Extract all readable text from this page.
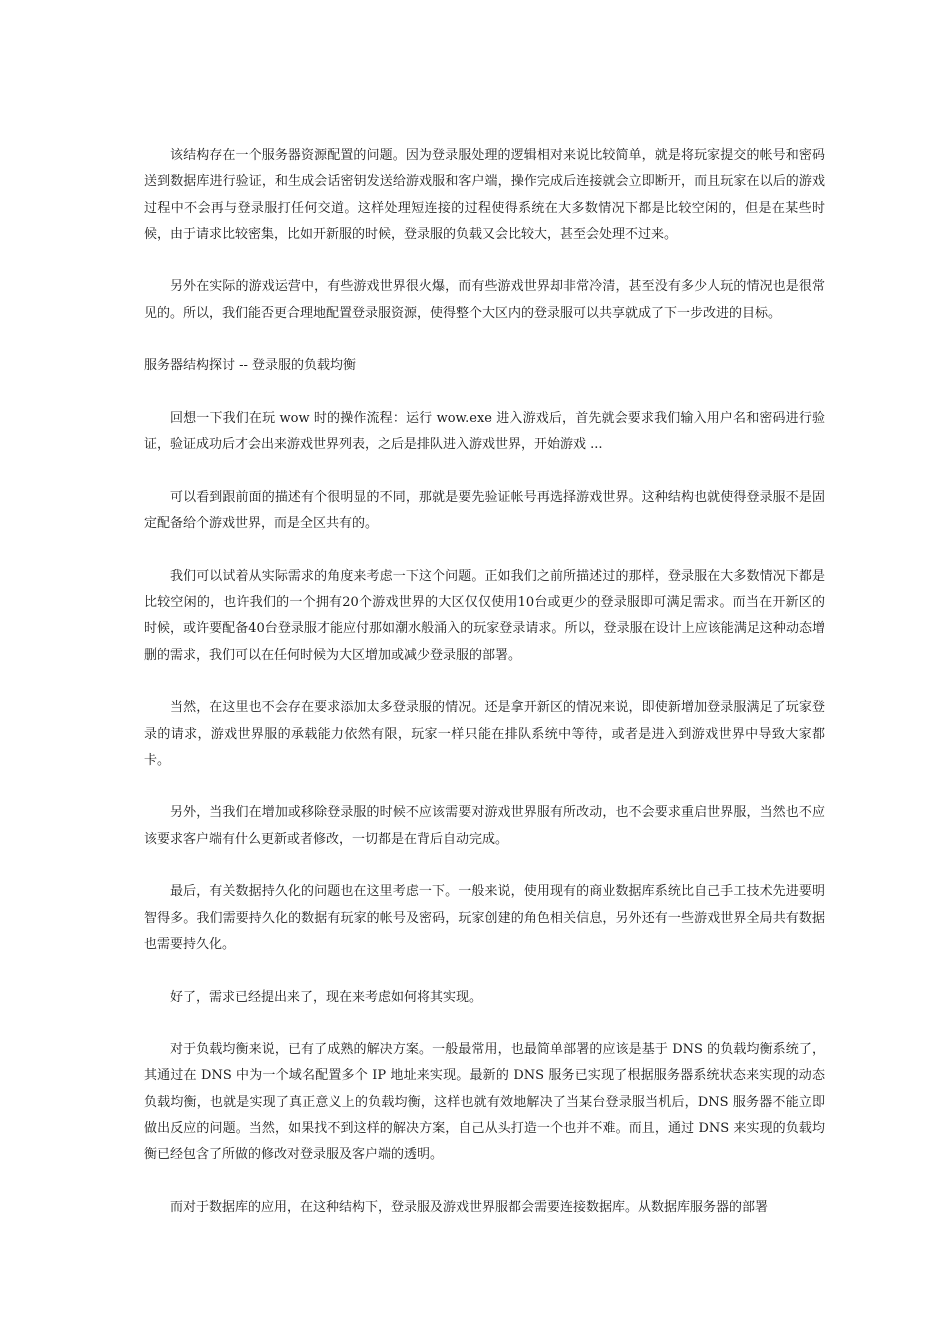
该结构存在一个服务器资源配置的问题。因为登录服处理的逻辑相对来说比较简单，就是将玩家提交的帐号和密码送到数据库进行验证，和生成会话密钥发送给游戏服和客户端，操作完成后连接就会立即断开，而且玩家在以后的游戏过程中不会再与登录服打任何交道。这样处理短连接的过程使得系统在大多数情况下都是比较空闲的，但是在某些时候，由于请求比较密集，比如开新服的时候，登录服的负载又会比较大，甚至会处理不过来。

另外在实际的游戏运营中，有些游戏世界很火爆，而有些游戏世界却非常冷清，甚至没有多少人玩的情况也是很常见的。所以，我们能否更合理地配置登录服资源，使得整个大区内的登录服可以共享就成了下一步改进的目标。

服务器结构探讨 -- 登录服的负载均衡

回想一下我们在玩 wow 时的操作流程：运行 wow.exe 进入游戏后，首先就会要求我们输入用户名和密码进行验证，验证成功后才会出来游戏世界列表，之后是排队进入游戏世界，开始游戏 ...

可以看到跟前面的描述有个很明显的不同，那就是要先验证帐号再选择游戏世界。这种结构也就使得登录服不是固定配备给个游戏世界，而是全区共有的。

我们可以试着从实际需求的角度来考虑一下这个问题。正如我们之前所描述过的那样，登录服在大多数情况下都是比较空闲的，也许我们的一个拥有20个游戏世界的大区仅仅使用10台或更少的登录服即可满足需求。而当在开新区的时候，或许要配备40台登录服才能应付那如潮水般涌入的玩家登录请求。所以，登录服在设计上应该能满足这种动态增删的需求，我们可以在任何时候为大区增加或减少登录服的部署。

当然，在这里也不会存在要求添加太多登录服的情况。还是拿开新区的情况来说，即使新增加登录服满足了玩家登录的请求，游戏世界服的承载能力依然有限，玩家一样只能在排队系统中等待，或者是进入到游戏世界中导致大家都卡。

另外，当我们在增加或移除登录服的时候不应该需要对游戏世界服有所改动，也不会要求重启世界服，当然也不应该要求客户端有什么更新或者修改，一切都是在背后自动完成。

最后，有关数据持久化的问题也在这里考虑一下。一般来说，使用现有的商业数据库系统比自己手工技术先进要明智得多。我们需要持久化的数据有玩家的帐号及密码，玩家创建的角色相关信息，另外还有一些游戏世界全局共有数据也需要持久化。

好了，需求已经提出来了，现在来考虑如何将其实现。

对于负载均衡来说，已有了成熟的解决方案。一般最常用，也最简单部署的应该是基于 DNS 的负载均衡系统了，其通过在 DNS 中为一个域名配置多个 IP 地址来实现。最新的 DNS 服务已实现了根据服务器系统状态来实现的动态负载均衡，也就是实现了真正意义上的负载均衡，这样也就有效地解决了当某台登录服当机后，DNS 服务器不能立即做出反应的问题。当然，如果找不到这样的解决方案，自己从头打造一个也并不难。而且，通过 DNS 来实现的负载均衡已经包含了所做的修改对登录服及客户端的透明。

而对于数据库的应用，在这种结构下，登录服及游戏世界服都会需要连接数据库。从数据库服务器的部署
